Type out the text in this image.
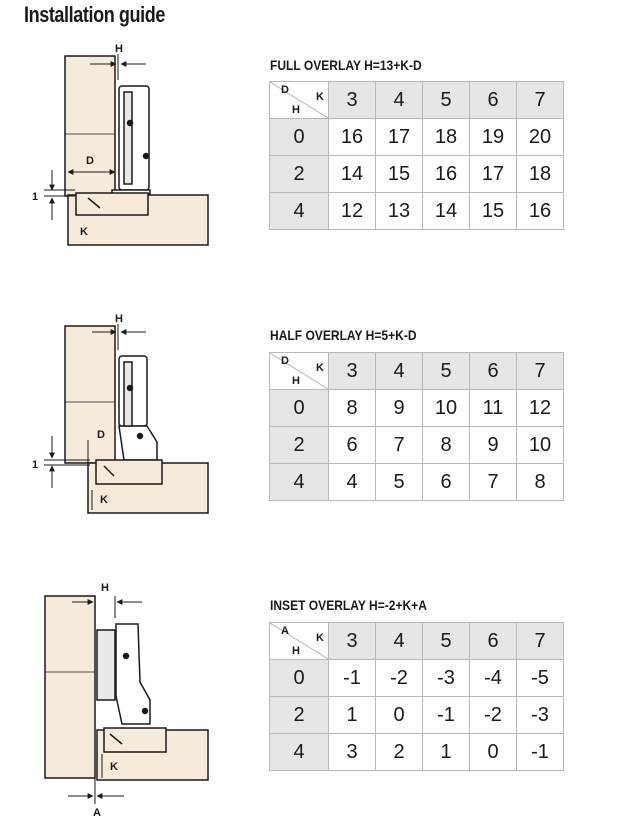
Installation guide
H
D
1
K
FULL OVERLAY H=13+K-D
D
K
H	3	4	5	6	7
0	16	17	18	19	20
2	14	15	16	17	18
4	12	13	14	15	16
H
D
1
K
HALF OVERLAY H=5+K-D
D
K
H	3	4	5	6	7
0	8	9	10	11	12
2	6	7	8	9	10
4	4	5	6	7	8
H
K
A
INSET OVERLAY H=-2+K+A
A
K
H	3	4	5	6	7
0	-1	-2	-3	-4	-5
2	1	0	-1	-2	-3
4	3	2	1	0	-1
